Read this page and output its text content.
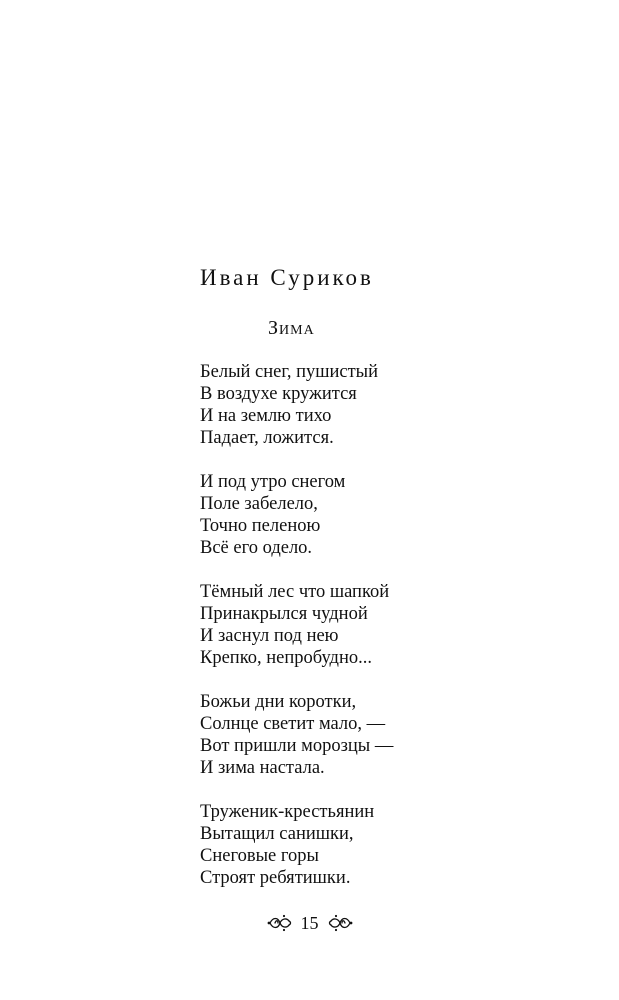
Иван Суриков
Зима
Белый снег, пушистый
В воздухе кружится
И на землю тихо
Падает, ложится.
И под утро снегом
Поле забелело,
Точно пеленою
Всё его одело.
Тёмный лес что шапкой
Принакрылся чудной
И заснул под нею
Крепко, непробудно...
Божьи дни коротки,
Солнце светит мало, —
Вот пришли морозцы —
И зима настала.
Труженик-крестьянин
Вытащил санишки,
Снеговые горы
Строят ребятишки.
15
